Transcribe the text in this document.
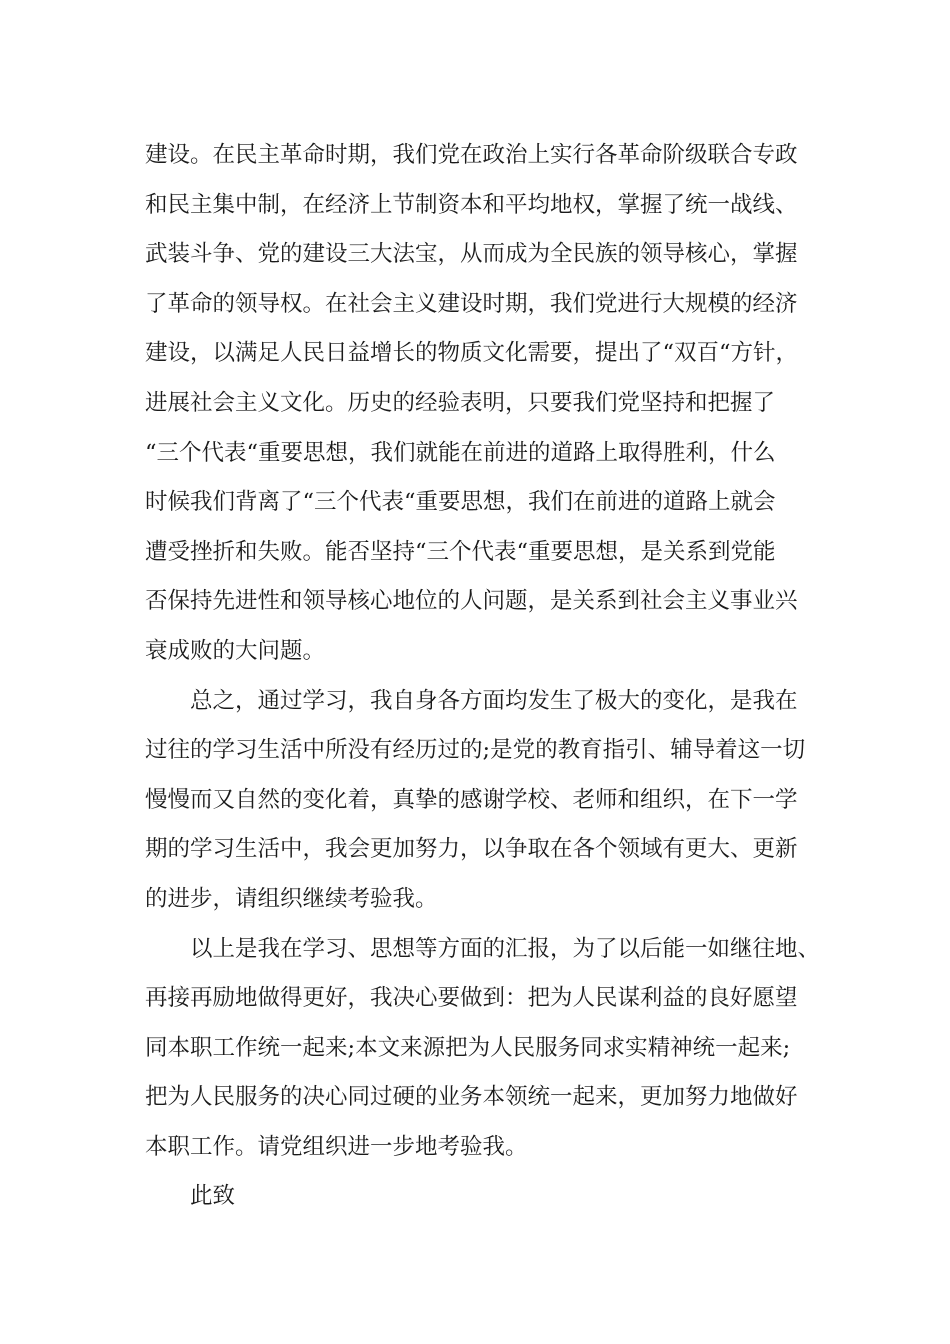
建设。在民主革命时期，我们党在政治上实行各革命阶级联合专政
和民主集中制，在经济上节制资本和平均地权，掌握了统一战线、
武装斗争、党的建设三大法宝，从而成为全民族的领导核心，掌握
了革命的领导权。在社会主义建设时期，我们党进行大规模的经济
建设，以满足人民日益增长的物质文化需要，提出了“双百“方针，
进展社会主义文化。历史的经验表明，只要我们党坚持和把握了
“三个代表“重要思想，我们就能在前进的道路上取得胜利，什么
时候我们背离了“三个代表“重要思想，我们在前进的道路上就会
遭受挫折和失败。能否坚持“三个代表“重要思想，是关系到党能
否保持先进性和领导核心地位的人问题，是关系到社会主义事业兴
衰成败的大问题。
总之，通过学习，我自身各方面均发生了极大的变化，是我在
过往的学习生活中所没有经历过的;是党的教育指引、辅导着这一切
慢慢而又自然的变化着，真挚的感谢学校、老师和组织，在下一学
期的学习生活中，我会更加努力，以争取在各个领域有更大、更新
的进步，请组织继续考验我。
以上是我在学习、思想等方面的汇报，为了以后能一如继往地、
再接再励地做得更好，我决心要做到：把为人民谋利益的良好愿望
同本职工作统一起来;本文来源把为人民服务同求实精神统一起来;
把为人民服务的决心同过硬的业务本领统一起来，更加努力地做好
本职工作。请党组织进一步地考验我。
此致
